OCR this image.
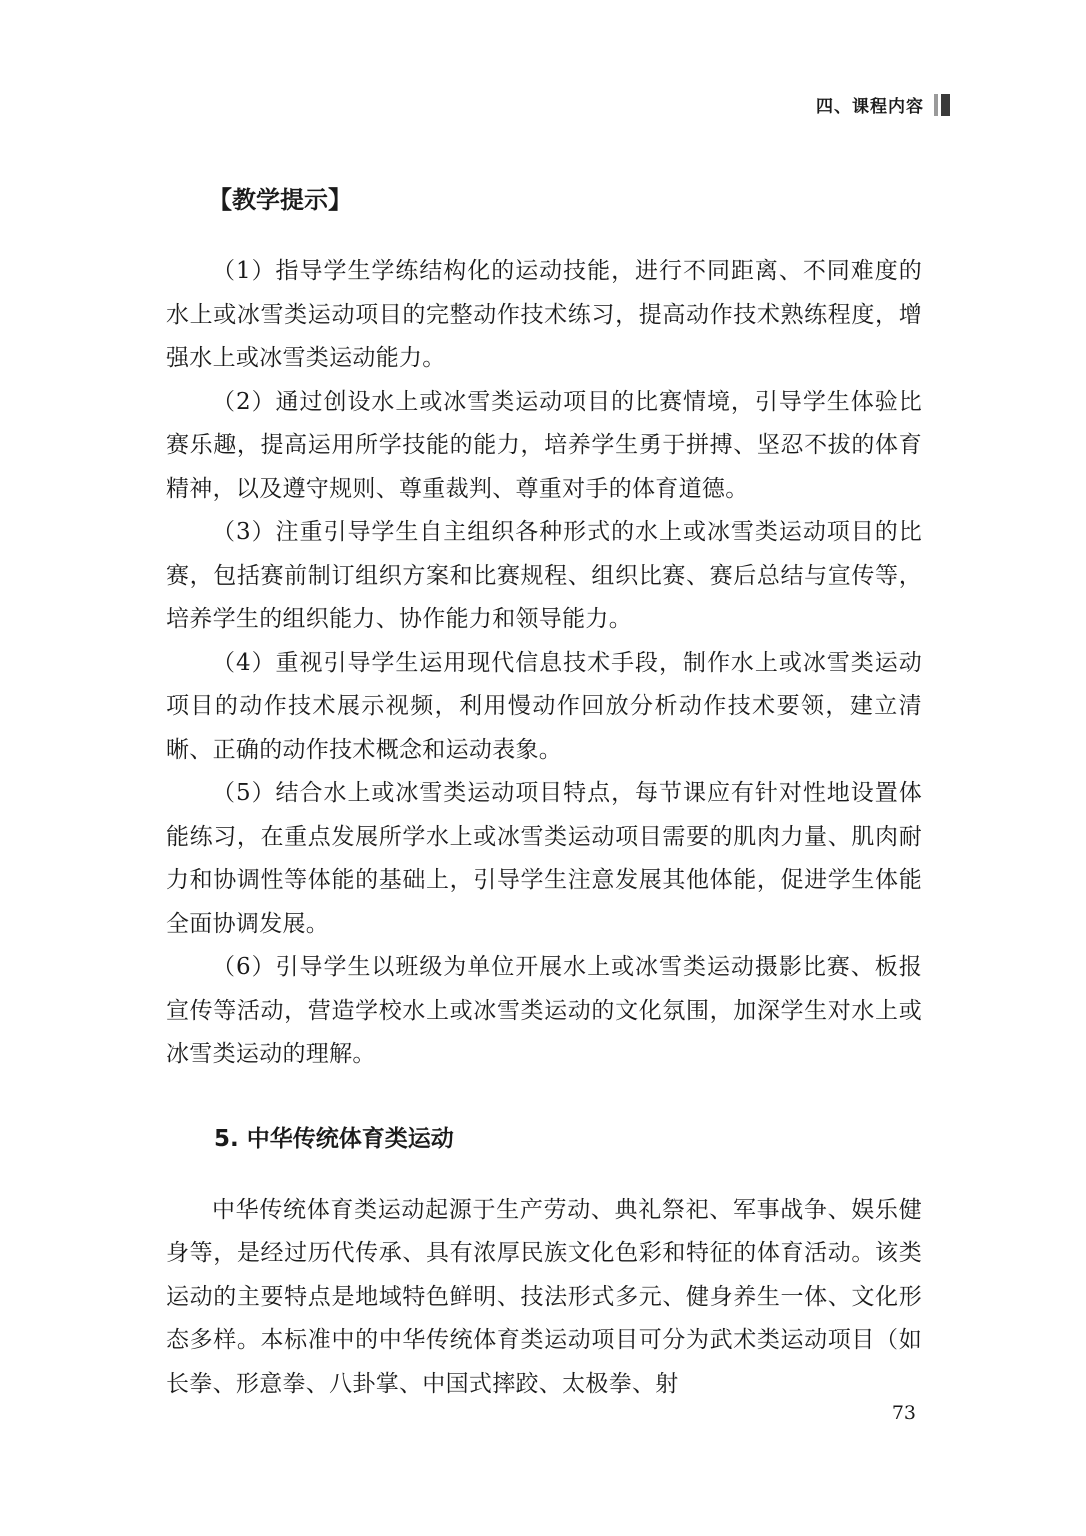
四、课程内容
【教学提示】

（1）指导学生学练结构化的运动技能，进行不同距离、不同难度的水上或冰雪类运动项目的完整动作技术练习，提高动作技术熟练程度，增强水上或冰雪类运动能力。

（2）通过创设水上或冰雪类运动项目的比赛情境，引导学生体验比赛乐趣，提高运用所学技能的能力，培养学生勇于拼搏、坚忍不拔的体育精神，以及遵守规则、尊重裁判、尊重对手的体育道德。

（3）注重引导学生自主组织各种形式的水上或冰雪类运动项目的比赛，包括赛前制订组织方案和比赛规程、组织比赛、赛后总结与宣传等，培养学生的组织能力、协作能力和领导能力。

（4）重视引导学生运用现代信息技术手段，制作水上或冰雪类运动项目的动作技术展示视频，利用慢动作回放分析动作技术要领，建立清晰、正确的动作技术概念和运动表象。

（5）结合水上或冰雪类运动项目特点，每节课应有针对性地设置体能练习，在重点发展所学水上或冰雪类运动项目需要的肌肉力量、肌肉耐力和协调性等体能的基础上，引导学生注意发展其他体能，促进学生体能全面协调发展。

（6）引导学生以班级为单位开展水上或冰雪类运动摄影比赛、板报宣传等活动，营造学校水上或冰雪类运动的文化氛围，加深学生对水上或冰雪类运动的理解。

5. 中华传统体育类运动

中华传统体育类运动起源于生产劳动、典礼祭祀、军事战争、娱乐健身等，是经过历代传承、具有浓厚民族文化色彩和特征的体育活动。该类运动的主要特点是地域特色鲜明、技法形式多元、健身养生一体、文化形态多样。本标准中的中华传统体育类运动项目可分为武术类运动项目（如长拳、形意拳、八卦掌、中国式摔跤、太极拳、射

73
